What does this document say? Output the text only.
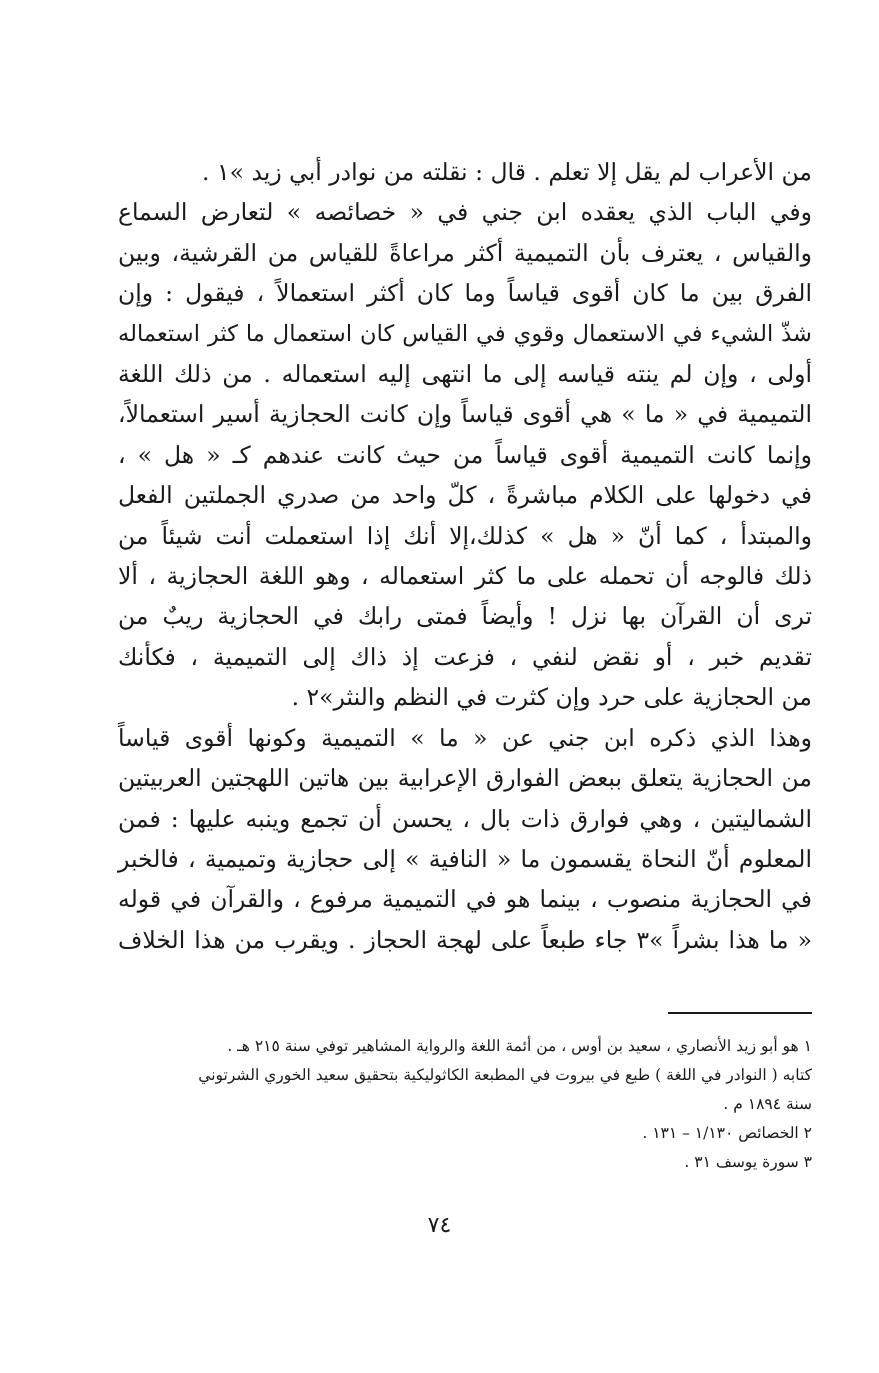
من الأعراب لم يقل إلا تعلم . قال : نقلته من نوادر أبي زيد »١ .
وفي الباب الذي يعقده ابن جني في « خصائصه » لتعارض السماع
والقياس ، يعترف بأن التميمية أكثر مراعاةً للقياس من القرشية، وبين
الفرق بين ما كان أقوى قياساً وما كان أكثر استعمالاً ، فيقول : وإن
شذّ الشيء في الاستعمال وقوي في القياس كان استعمال ما كثر استعماله
أولى ، وإن لم ينته قياسه إلى ما انتهى إليه استعماله . من ذلك اللغة
التميمية في « ما » هي أقوى قياساً وإن كانت الحجازية أسير استعمالاً،
وإنما كانت التميمية أقوى قياساً من حيث كانت عندهم كـ « هل » ،
في دخولها على الكلام مباشرةً ، كلّ واحد من صدري الجملتين الفعل
والمبتدأ ، كما أنّ « هل » كذلك،إلا أنك إذا استعملت أنت شيئاً من
ذلك فالوجه أن تحمله على ما كثر استعماله ، وهو اللغة الحجازية ، ألا
ترى أن القرآن بها نزل ! وأيضاً فمتى رابك في الحجازية ريبٌ من
تقديم خبر ، أو نقض لنفي ، فزعت إذ ذاك إلى التميمية ، فكأنك
من الحجازية على حرد وإن كثرت في النظم والنثر»٢ .
وهذا الذي ذكره ابن جني عن « ما » التميمية وكونها أقوى قياساً
من الحجازية يتعلق ببعض الفوارق الإعرابية بين هاتين اللهجتين العربيتين
الشماليتين ، وهي فوارق ذات بال ، يحسن أن تجمع وينبه عليها : فمن
المعلوم أنّ النحاة يقسمون ما « النافية » إلى حجازية وتميمية ، فالخبر
في الحجازية منصوب ، بينما هو في التميمية مرفوع ، والقرآن في قوله
« ما هذا بشراً »٣ جاء طبعاً على لهجة الحجاز . ويقرب من هذا الخلاف
١ هو أبو زيد الأنصاري ، سعيد بن أوس ، من أئمة اللغة والرواية المشاهير توفي سنة ٢١٥ هـ .
كتابه ( النوادر في اللغة ) طبع في بيروت في المطبعة الكاثوليكية بتحقيق سعيد الخوري الشرتوني
سنة ١٨٩٤ م .
٢ الخصائص ١/١٣٠ – ١٣١ .
٣ سورة يوسف ٣١ .
٧٤
